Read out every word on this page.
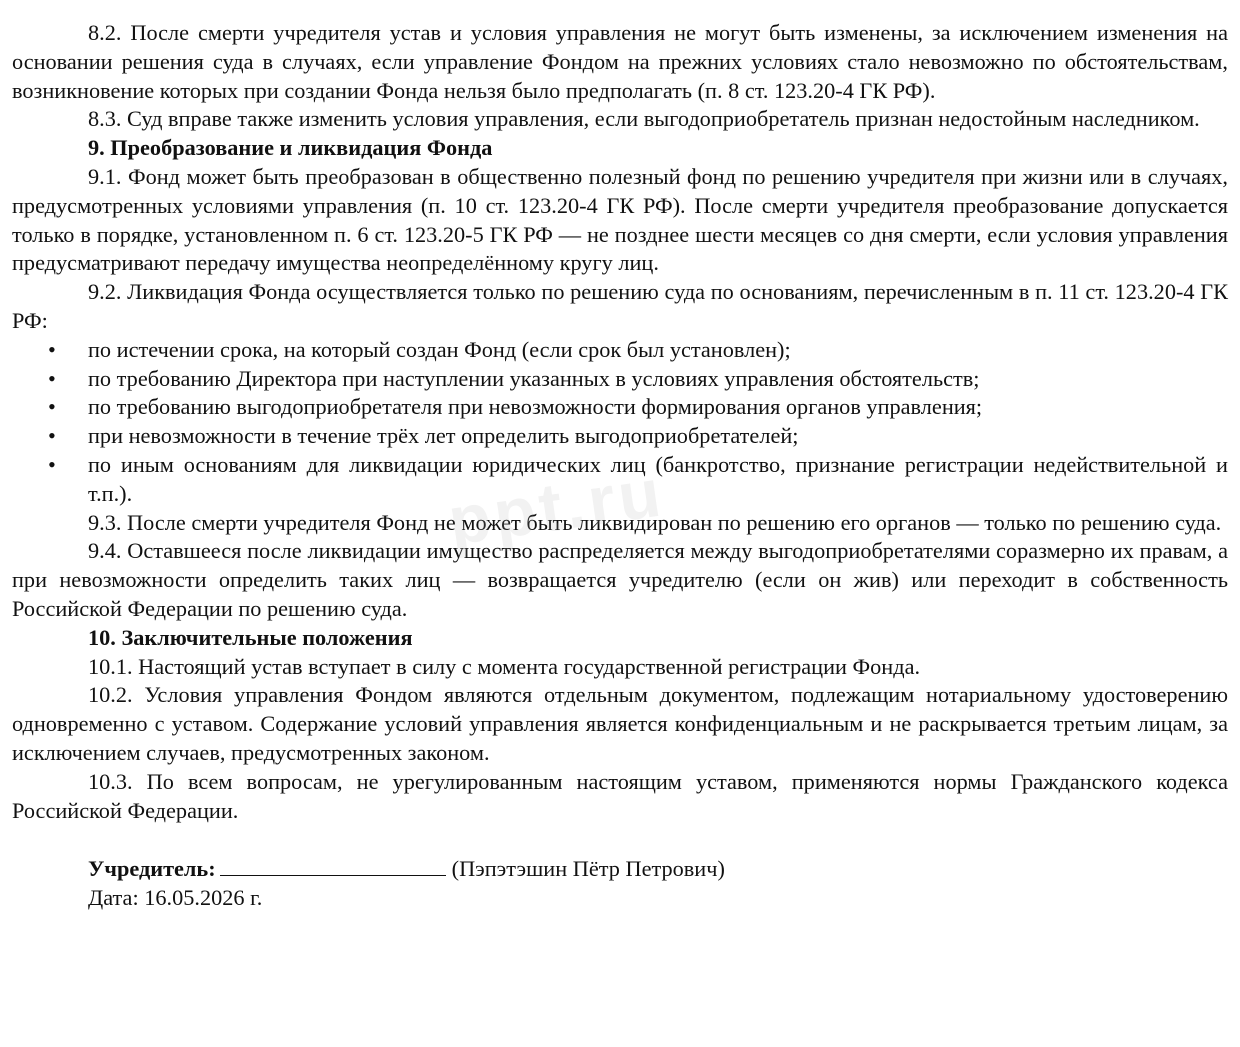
8.2. После смерти учредителя устав и условия управления не могут быть изменены, за исключением изменения на основании решения суда в случаях, если управление Фондом на прежних условиях стало невозможно по обстоятельствам, возникновение которых при создании Фонда нельзя было предполагать (п. 8 ст. 123.20-4 ГК РФ).

8.3. Суд вправе также изменить условия управления, если выгодоприобретатель признан недостойным наследником.

9. Преобразование и ликвидация Фонда

9.1. Фонд может быть преобразован в общественно полезный фонд по решению учредителя при жизни или в случаях, предусмотренных условиями управления (п. 10 ст. 123.20-4 ГК РФ). После смерти учредителя преобразование допускается только в порядке, установленном п. 6 ст. 123.20-5 ГК РФ — не позднее шести месяцев со дня смерти, если условия управления предусматривают передачу имущества неопределённому кругу лиц.

9.2. Ликвидация Фонда осуществляется только по решению суда по основаниям, перечисленным в п. 11 ст. 123.20-4 ГК РФ:

• по истечении срока, на который создан Фонд (если срок был установлен);
• по требованию Директора при наступлении указанных в условиях управления обстоятельств;
• по требованию выгодоприобретателя при невозможности формирования органов управления;
• при невозможности в течение трёх лет определить выгодоприобретателей;
• по иным основаниям для ликвидации юридических лиц (банкротство, признание регистрации недействительной и т.п.).

9.3. После смерти учредителя Фонд не может быть ликвидирован по решению его органов — только по решению суда.

9.4. Оставшееся после ликвидации имущество распределяется между выгодоприобретателями соразмерно их правам, а при невозможности определить таких лиц — возвращается учредителю (если он жив) или переходит в собственность Российской Федерации по решению суда.

10. Заключительные положения

10.1. Настоящий устав вступает в силу с момента государственной регистрации Фонда.

10.2. Условия управления Фондом являются отдельным документом, подлежащим нотариальному удостоверению одновременно с уставом. Содержание условий управления является конфиденциальным и не раскрывается третьим лицам, за исключением случаев, предусмотренных законом.

10.3. По всем вопросам, не урегулированным настоящим уставом, применяются нормы Гражданского кодекса Российской Федерации.

Учредитель:	(Пэпэтэшин Пётр Петрович)
Дата: 16.05.2026 г.
ppt.ru
